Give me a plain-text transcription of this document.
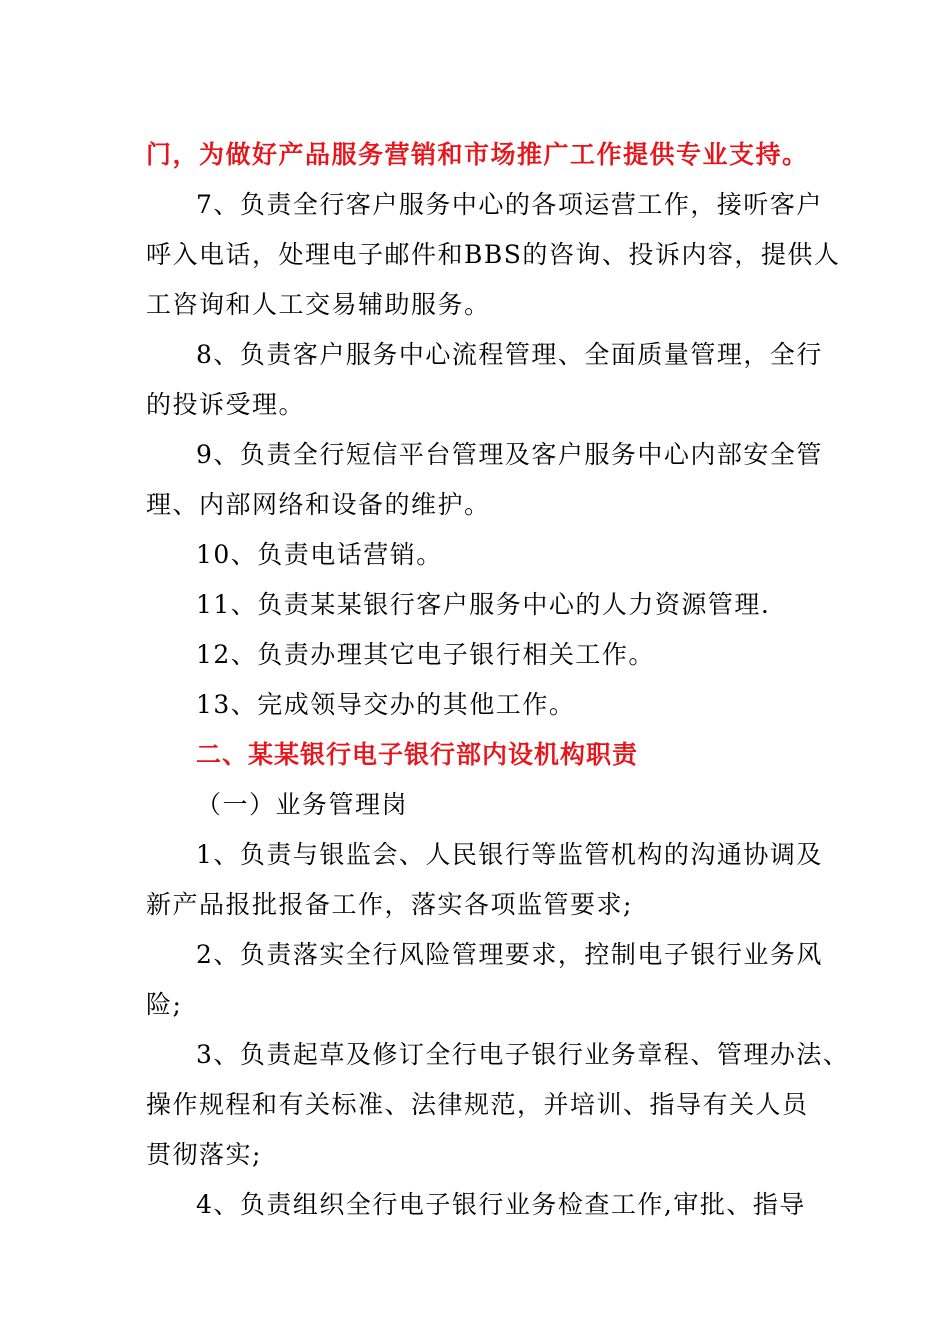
门，为做好产品服务营销和市场推广工作提供专业支持。
7、负责全行客户服务中心的各项运营工作，接听客户
呼入电话，处理电子邮件和BBS的咨询、投诉内容，提供人
工咨询和人工交易辅助服务。
8、负责客户服务中心流程管理、全面质量管理，全行
的投诉受理。
9、负责全行短信平台管理及客户服务中心内部安全管
理、内部网络和设备的维护。
10、负责电话营销。
11、负责某某银行客户服务中心的人力资源管理.
12、负责办理其它电子银行相关工作。
13、完成领导交办的其他工作。
二、某某银行电子银行部内设机构职责
（一）业务管理岗
1、负责与银监会、人民银行等监管机构的沟通协调及
新产品报批报备工作，落实各项监管要求;
2、负责落实全行风险管理要求，控制电子银行业务风
险;
3、负责起草及修订全行电子银行业务章程、管理办法、
操作规程和有关标准、法律规范，并培训、指导有关人员
贯彻落实;
4、负责组织全行电子银行业务检查工作,审批、指导
